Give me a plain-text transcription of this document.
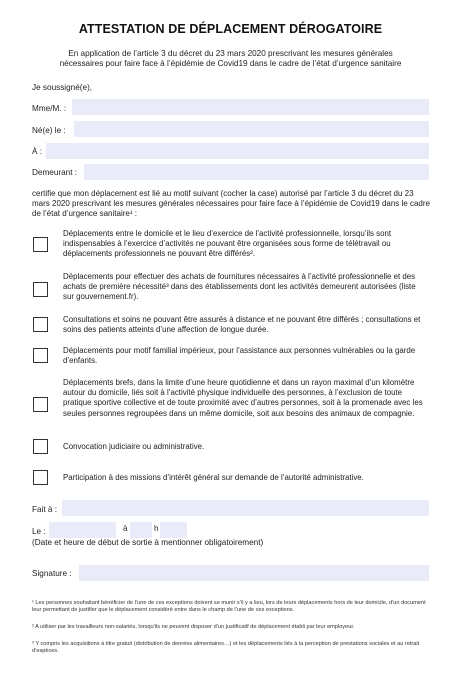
ATTESTATION DE DÉPLACEMENT DÉROGATOIRE
En application de l’article 3 du décret du 23 mars 2020 prescrivant les mesures générales
nécessaires pour faire face à l’épidémie de Covid19 dans le cadre de l’état d’urgence sanitaire
Je soussigné(e),
Mme/M. :
Né(e) le :
À :
Demeurant :
certifie que mon déplacement est lié au motif suivant (cocher la case) autorisé par l’article 3 du décret du 23 mars 2020 prescrivant les mesures générales nécessaires pour faire face à l’épidémie de Covid19 dans le cadre de l’état d’urgence sanitaire¹ :
Déplacements entre le domicile et le lieu d’exercice de l’activité professionnelle, lorsqu’ils sont indispensables à l’exercice d’activités ne pouvant être organisées sous forme de télétravail ou déplacements professionnels ne pouvant être différés².
Déplacements pour effectuer des achats de fournitures nécessaires à l’activité professionnelle et des achats de première nécessité³ dans des établissements dont les activités demeurent autorisées (liste sur gouvernement.fr).
Consultations et soins ne pouvant être assurés à distance et ne pouvant être différés ; consultations et soins des patients atteints d’une affection de longue durée.
Déplacements pour motif familial impérieux, pour l’assistance aux personnes vulnérables ou la garde d’enfants.
Déplacements brefs, dans la limite d’une heure quotidienne et dans un rayon maximal d’un kilomètre autour du domicile, liés soit à l’activité physique individuelle des personnes, à l’exclusion de toute pratique sportive collective et de toute proximité avec d’autres personnes, soit à la promenade avec les seules personnes regroupées dans un même domicile, soit aux besoins des animaux de compagnie.
Convocation judiciaire ou administrative.
Participation à des missions d’intérêt général sur demande de l’autorité administrative.
Fait à :
Le :	à	h
(Date et heure de début de sortie à mentionner obligatoirement)
Signature :
¹ Les personnes souhaitant bénéficier de l’une de ces exceptions doivent se munir s’il y a lieu, lors de leurs déplacements hors de leur domicile, d’un document leur permettant de justifier que le déplacement considéré entre dans le champ de l’une de ces exceptions.
² A utiliser par les travailleurs non-salariés, lorsqu’ils ne peuvent disposer d’un justificatif de déplacement établi par leur employeur.
³ Y compris les acquisitions à titre gratuit (distribution de denrées alimentaires…) et les déplacements liés à la perception de prestations sociales et au retrait d’espèces.
